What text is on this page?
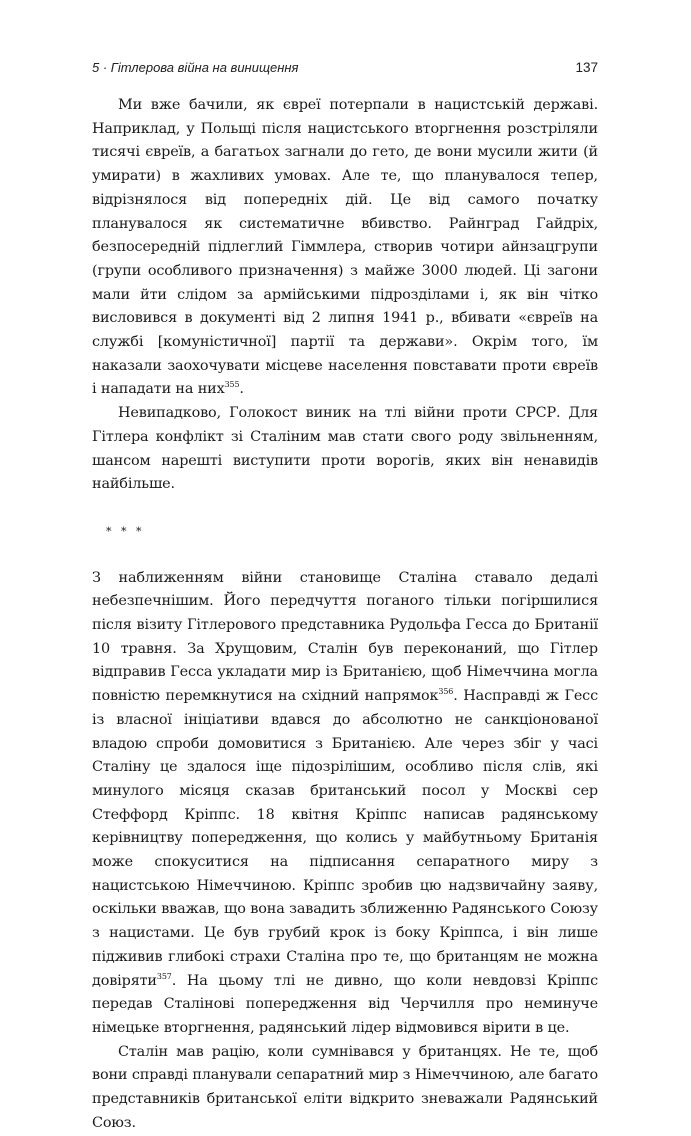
5 · Гітлерова війна на винищення	137

Ми вже бачили, як євреї потерпали в нацистській державі. Наприклад, у Польщі після нацистського вторгнення розстріляли тисячі євреїв, а багатьох загнали до гето, де вони мусили жити (й умирати) в жахливих умовах. Але те, що планувалося тепер, відрізнялося від попередніх дій. Це від самого початку планувалося як систематичне вбивство. Райнград Гайдріх, безпосередній підлеглий Гіммлера, створив чотири айнзацгрупи (групи особливого призначення) з майже 3000 людей. Ці загони мали йти слідом за армійськими підрозділами і, як він чітко висловився в документі від 2 липня 1941 р., вбивати «євреїв на службі [комуністичної] партії та держави». Окрім того, їм наказали заохочувати місцеве населення повставати проти євреїв і нападати на них$^{355}$.

Невипадково, Голокост виник на тлі війни проти СРСР. Для Гітлера конфлікт зі Сталіним мав стати свого роду звільненням, шансом нарешті виступити проти ворогів, яких він ненавидів найбільше.

* * *

З наближенням війни становище Сталіна ставало дедалі небезпечнішим. Його передчуття поганого тільки погіршилися після візиту Гітлерового представника Рудольфа Гесса до Британії 10 травня. За Хрущовим, Сталін був переконаний, що Гітлер відправив Гесса укладати мир із Британією, щоб Німеччина могла повністю перемкнутися на східний напрямок$^{356}$. Насправді ж Гесс із власної ініціативи вдався до абсолютно не санкціонованої владою спроби домовитися з Британією. Але через збіг у часі Сталіну це здалося іще підозрілішим, особливо після слів, які минулого місяця сказав британський посол у Москві сер Стеффорд Кріппс. 18 квітня Кріппс написав радянському керівництву попередження, що колись у майбутньому Британія може спокуситися на підписання сепаратного миру з нацистською Німеччиною. Кріппс зробив цю надзвичайну заяву, оскільки вважав, що вона завадить зближенню Радянського Союзу з нацистами. Це був грубий крок із боку Кріппса, і він лише підживив глибокі страхи Сталіна про те, що британцям не можна довіряти$^{357}$. На цьому тлі не дивно, що коли невдовзі Кріппс передав Сталінові попередження від Черчилля про неминуче німецьке вторгнення, радянський лідер відмовився вірити в це.

Сталін мав рацію, коли сумнівався у британцях. Не те, щоб вони справді планували сепаратний мир з Німеччиною, але багато представників британської еліти відкрито зневажали Радянський Союз.
